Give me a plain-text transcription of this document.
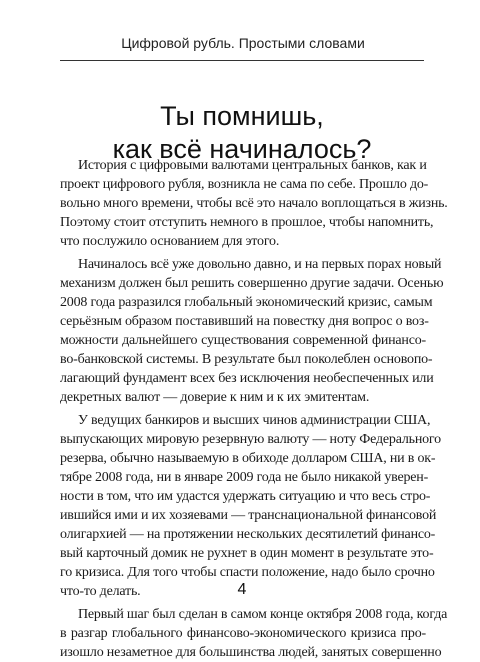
Цифровой рубль. Простыми словами
Ты помнишь,
как всё начиналось?

История с цифровыми валютами центральных банков, как и
проект цифрового рубля, возникла не сама по себе. Прошло до-
вольно много времени, чтобы всё это начало воплощаться в жизнь.
Поэтому стоит отступить немного в прошлое, чтобы напомнить,
что послужило основанием для этого.

Начиналось всё уже довольно давно, и на первых порах новый
механизм должен был решить совершенно другие задачи. Осенью
2008 года разразился глобальный экономический кризис, самым
серьёзным образом поставивший на повестку дня вопрос о воз-
можности дальнейшего существования современной финансо-
во-банковской системы. В результате был поколеблен основопо-
лагающий фундамент всех без исключения необеспеченных или
декретных валют — доверие к ним и к их эмитентам.

У ведущих банкиров и высших чинов администрации США,
выпускающих мировую резервную валюту — ноту Федерального
резерва, обычно называемую в обиходе долларом США, ни в ок-
тябре 2008 года, ни в январе 2009 года не было никакой уверен-
ности в том, что им удастся удержать ситуацию и что весь стро-
ившийся ими и их хозяевами — транснациональной финансовой
олигархией — на протяжении нескольких десятилетий финансо-
вый карточный домик не рухнет в один момент в результате это-
го кризиса. Для того чтобы спасти положение, надо было срочно
что-то делать.

Первый шаг был сделан в самом конце октября 2008 года, когда
в разгар глобального финансово-экономического кризиса про-
изошло незаметное для большинства людей, занятых совершенно

4
